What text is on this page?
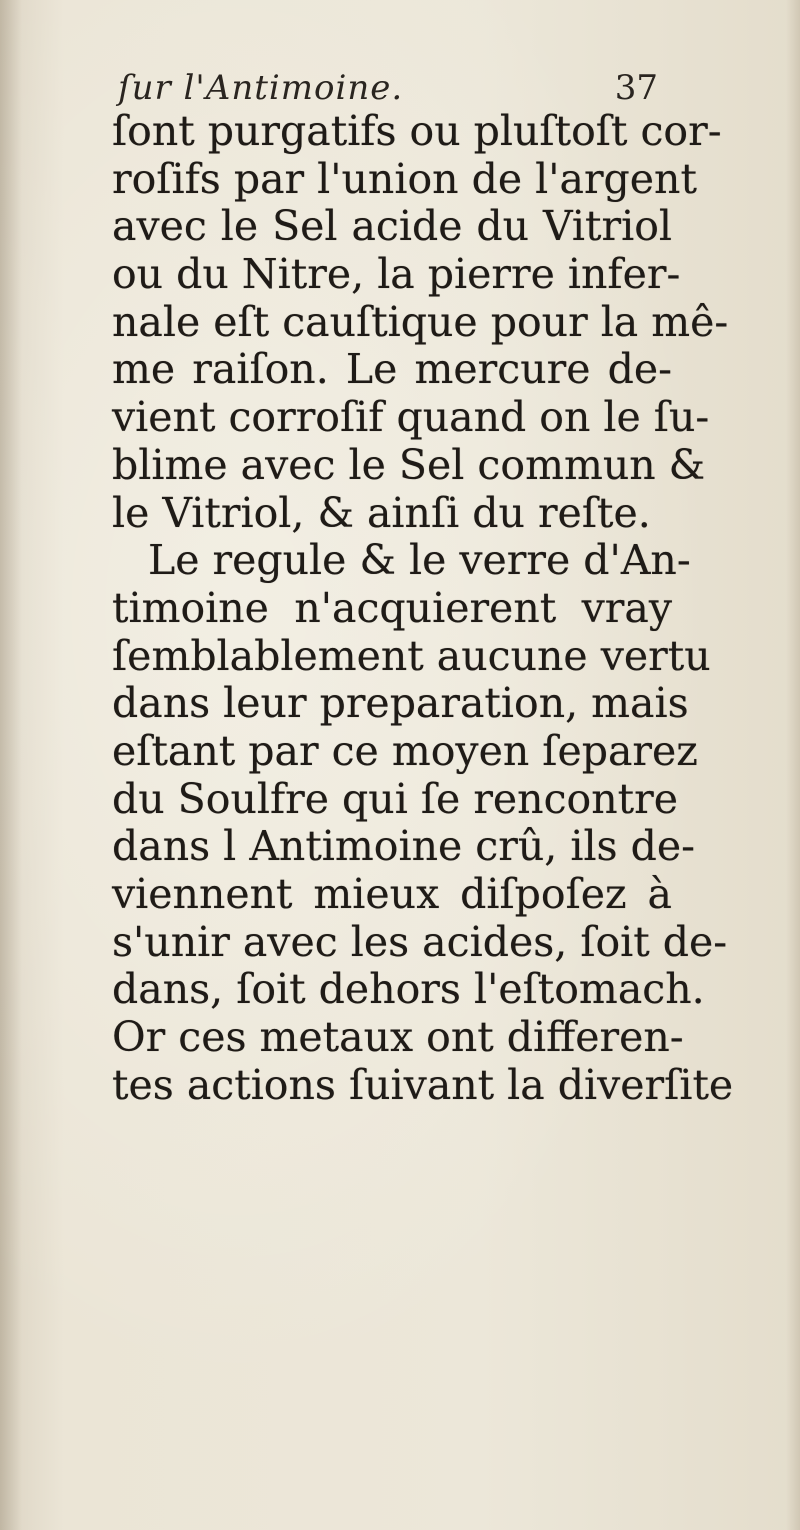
ſur l'Antimoine.	37
ſont purgatifs ou pluſtoſt cor-
roſifs par l'union de l'argent
avec le Sel acide du Vitriol
ou du Nitre, la pierre infer-
nale eſt cauſtique pour la mê-
me raiſon. Le mercure de-
vient corroſif quand on le ſu-
blime avec le Sel commun &
le Vitriol, & ainſi du reſte.
Le regule & le verre d'An-
timoine n'acquierent vray
ſemblablement aucune vertu
dans leur preparation, mais
eſtant par ce moyen ſeparez
du Soulfre qui ſe rencontre
dans l Antimoine crû, ils de-
viennent mieux diſpoſez à
s'unir avec les acides, ſoit de-
dans, ſoit dehors l'eſtomach.
Or ces metaux ont differen-
tes actions ſuivant la diverſite
